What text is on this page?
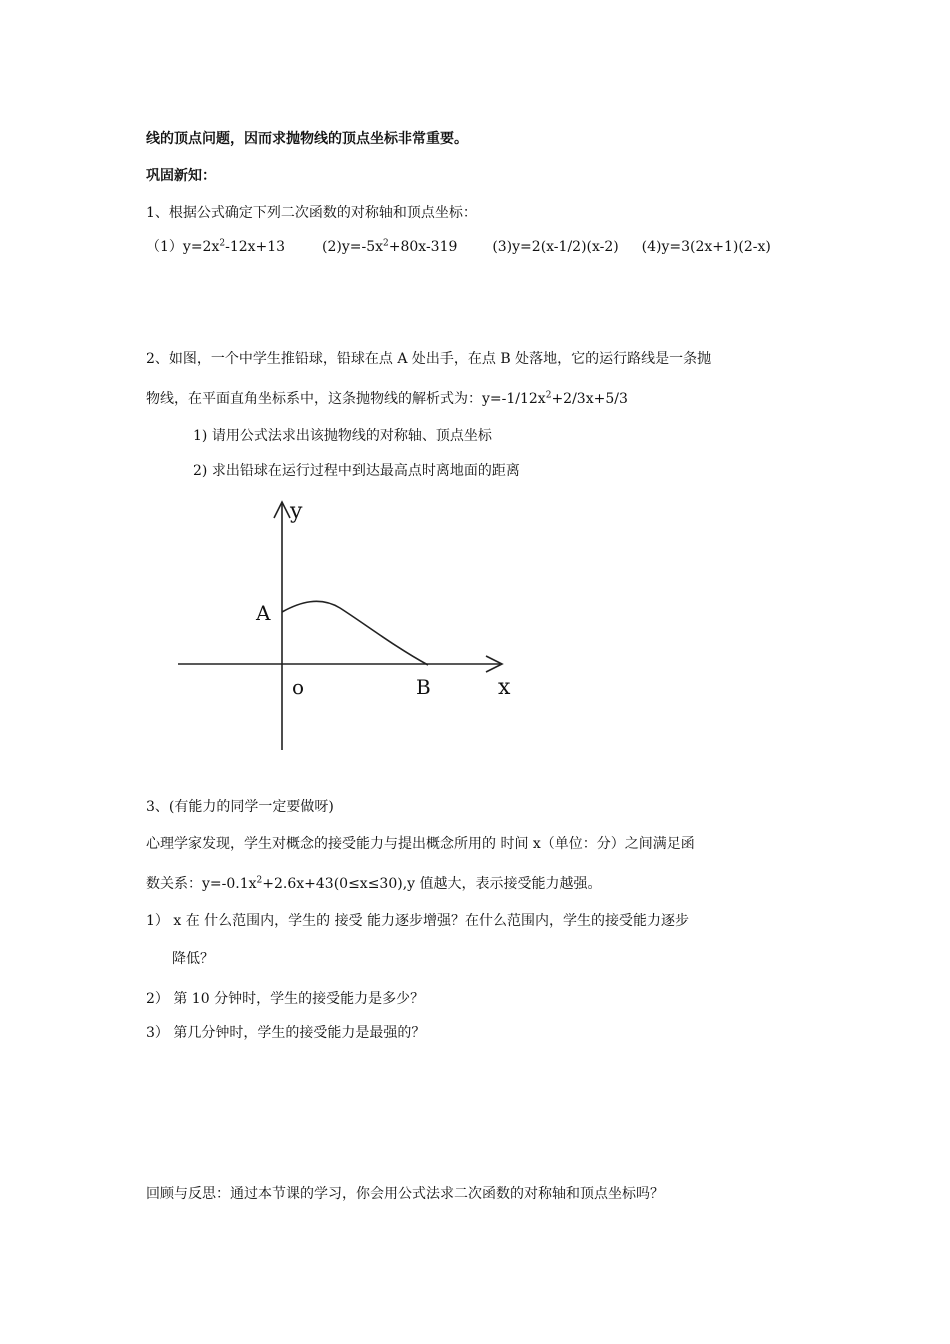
线的顶点问题，因而求抛物线的顶点坐标非常重要。
巩固新知：
1、根据公式确定下列二次函数的对称轴和顶点坐标：
$(1)y=2x^2-12x+13$	$(2)y=-5x^2+80x-319$ (3)y=2(x-1/2)(x-2) (4)y=3(2x+1)(2-x)
2、如图，一个中学生推铅球，铅球在点 A 处出手，在点 B 处落地，它的运行路线是一条抛
物线，在平面直角坐标系中，这条抛物线的解析式为：$y=-1/12x^2+2/3x+5/3$
1) 请用公式法求出该抛物线的对称轴、顶点坐标
2) 求出铅球在运行过程中到达最高点时离地面的距离
y
x
A
o	B
3、(有能力的同学一定要做呀)
心理学家发现，学生对概念的接受能力与提出概念所用的 时间 x（单位：分）之间满足函
数关系：$y=-0.1x^2+2.6x+43(0\le x\le 30),y$ 值越大，表示接受能力越强。
1） x 在 什么范围内，学生的 接受 能力逐步增强？在什么范围内，学生的接受能力逐步
降低？
2） 第 10 分钟时，学生的接受能力是多少？
3） 第几分钟时，学生的接受能力是最强的？
回顾与反思：通过本节课的学习，你会用公式法求二次函数的对称轴和顶点坐标吗？
